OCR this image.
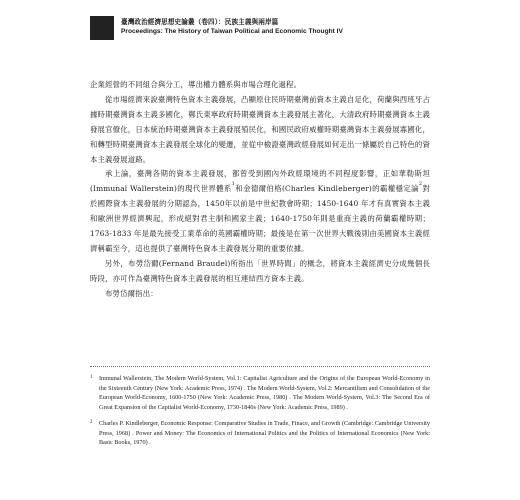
臺灣政治經濟思想史論叢（卷四）：民族主義與兩岸篇
Proceedings: The History of Taiwan Political and Economic Thought IV

企業經營的不同組合與分工，導出權力體系與市場合理化過程。

從市場經濟來說臺灣特色資本主義發展，凸顯原住民時期臺灣前資本主義自足化，荷蘭與西班牙占據時期臺灣資本主義多國化，鄭氏東寧政府時期臺灣資本主義發展主著化，大清政府時期臺灣資本主義發展官僚化，日本統治時期臺灣資本主義發展殖民化，和國民政府威權時期臺灣資本主義發展寡國化，和轉型時期臺灣資本主義發展全球化的變遷，並從中檢證臺灣政經發展如何走出一條屬於自己特色的資本主義發展道路。

承上論，臺灣各期的資本主義發展，都曾受到國內外政經環境的不同程度影響，正如華勒斯坦(Immunal Wallerstein)的現代世界體系$^1$和金德爾伯格(Charles Kindleberger)的霸權穩定論$^2$對於國際資本主義發展的分期認為，1450年以前是中世紀教會時期；1450-1640 年才有真實資本主義和歐洲世界經濟興起，形成絕對君主制和國家主義；1640-1750年則是重商主義的荷蘭霸權時期；1763-1833 年是最先接受工業革命的英國霸權時期；最後是在第一次世界大戰後則由美國資本主義經濟稱霸至今，這也提供了臺灣特色資本主義發展分期的重要依據。

另外，布勞岱爾(Fernand Braudel)所指出「世界時間」的概念，將資本主義經濟史分成幾個長時段，亦可作為臺灣特色資本主義發展的相互連結西方資本主義。

布勞岱爾指出：

1 Immunal Wallerstein, The Modern World-System, Vol.1: Capitalist Agriculture and the Origins of the European World-Economy in the Sixteenth Century (New York: Academic Press, 1974) . The Modern World-System, Vol.2: Mercantilism and Consolidation of the European World-Economy, 1600-1750 (New York: Academic Press, 1980) . The Modern World-System, Vol.3: The Second Era of Great Expansion of the Capitalist World-Economy, 1730-1840s (New York: Academic Press, 1989) .
2 Charles P. Kindleberger, Economic Response: Comparative Studies in Trade, Finace, and Growth (Cambridge: Cambridge University Press, 1968) . Power and Money: The Economics of International Politics and the Politics of International Economics (New York: Basic Books, 1970) .
